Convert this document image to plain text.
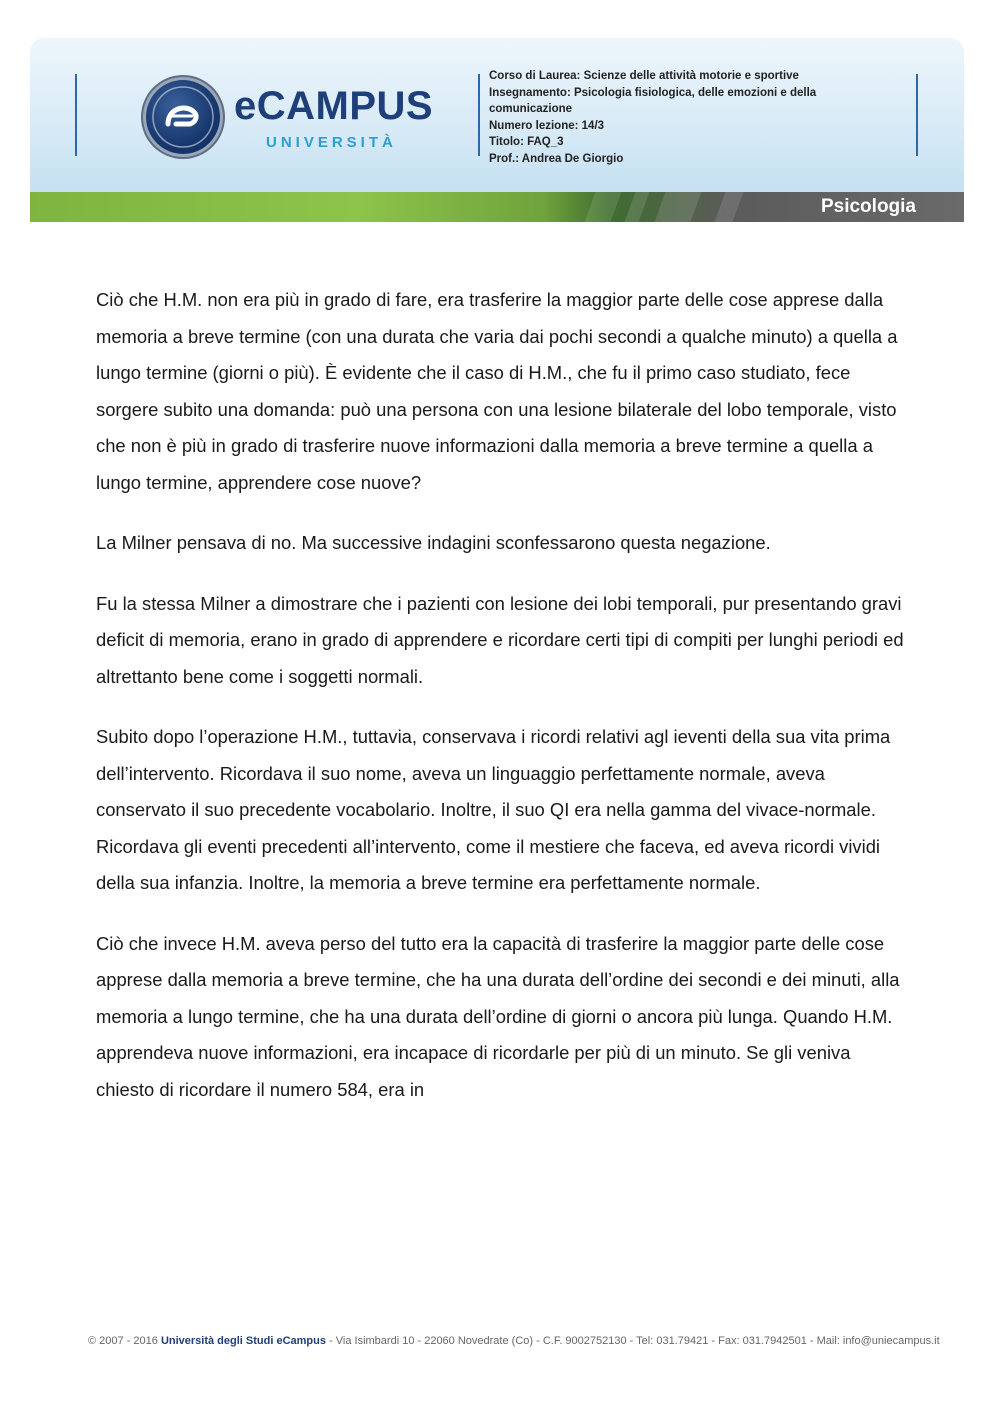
eCAMPUS
UNIVERSITÀ
Corso di Laurea: Scienze delle attività motorie e sportive
Insegnamento: Psicologia fisiologica, delle emozioni e della
comunicazione
Numero lezione: 14/3
Titolo: FAQ_3
Prof.: Andrea De Giorgio
Psicologia

Ciò che H.M. non era più in grado di fare, era trasferire la maggior parte delle cose apprese dalla memoria a breve termine (con una durata che varia dai pochi secondi a qualche minuto) a quella a lungo termine (giorni o più). È evidente che il caso di H.M., che fu il primo caso studiato, fece sorgere subito una domanda: può una persona con una lesione bilaterale del lobo temporale, visto che non è più in grado di trasferire nuove informazioni dalla memoria a breve termine a quella a lungo termine, apprendere cose nuove?

La Milner pensava di no. Ma successive indagini sconfessarono questa negazione.

Fu la stessa Milner a dimostrare che i pazienti con lesione dei lobi temporali, pur presentando gravi deficit di memoria, erano in grado di apprendere e ricordare certi tipi di compiti per lunghi periodi ed altrettanto bene come i soggetti normali.

Subito dopo l’operazione H.M., tuttavia, conservava i ricordi relativi agl ieventi della sua vita prima dell’intervento. Ricordava il suo nome, aveva un linguaggio perfettamente normale, aveva conservato il suo precedente vocabolario. Inoltre, il suo QI era nella gamma del vivace-normale. Ricordava gli eventi precedenti all’intervento, come il mestiere che faceva, ed aveva ricordi vividi della sua infanzia. Inoltre, la memoria a breve termine era perfettamente normale.

Ciò che invece H.M. aveva perso del tutto era la capacità di trasferire la maggior parte delle cose apprese dalla memoria a breve termine, che ha una durata dell’ordine dei secondi e dei minuti, alla memoria a lungo termine, che ha una durata dell’ordine di giorni o ancora più lunga. Quando H.M. apprendeva nuove informazioni, era incapace di ricordarle per più di un minuto. Se gli veniva chiesto di ricordare il numero 584, era in

© 2007 - 2016 Università degli Studi eCampus - Via Isimbardi 10 - 22060 Novedrate (Co) - C.F. 9002752130 - Tel: 031.79421 - Fax: 031.7942501 - Mail: info@uniecampus.it
